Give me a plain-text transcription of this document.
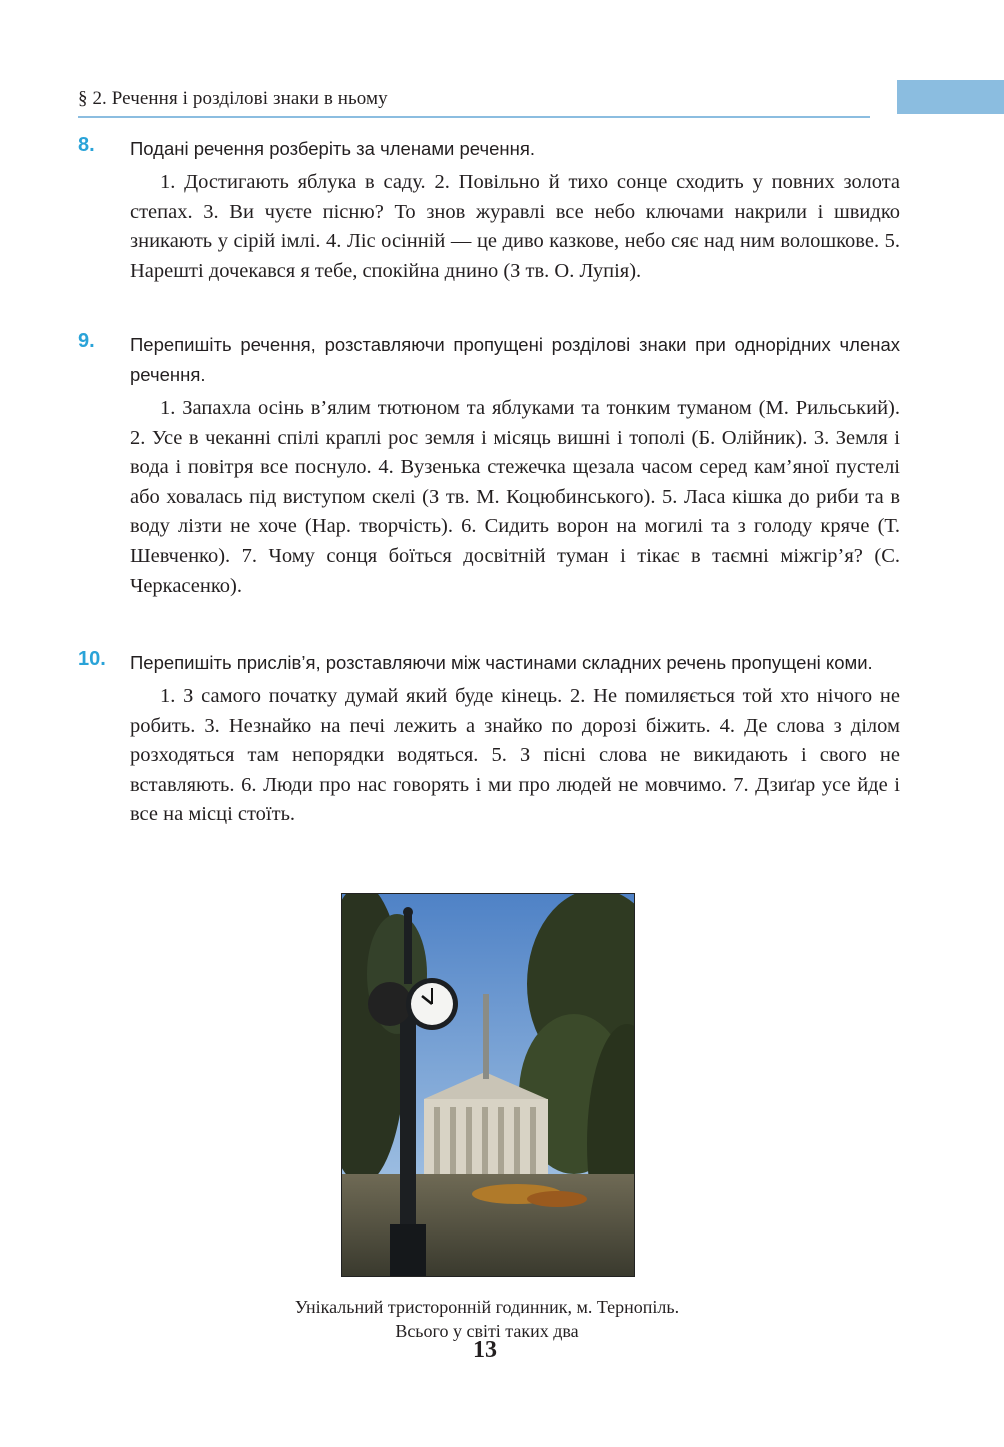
§ 2. Речення і розділові знаки в ньому
8. Подані речення розберіть за членами речення.
1. Достигають яблука в саду. 2. Повільно й тихо сонце сходить у повних золота степах. 3. Ви чуєте пісню? То знов журавлі все небо ключами накрили і швидко зникають у сірій імлі. 4. Ліс осінній — це диво казкове, небо сяє над ним волошкове. 5. Нарешті дочекався я тебе, спокійна днино (З тв. О. Лупія).
9. Перепишіть речення, розставляючи пропущені розділові знаки при однорідних членах речення.
1. Запахла осінь в’ялим тютюном та яблуками та тонким туманом (М. Рильський). 2. Усе в чеканні спілі краплі рос земля і місяць вишні і тополі (Б. Олійник). 3. Земля і вода і повітря все поснуло. 4. Вузенька стежечка щезала часом серед кам’яної пустелі або ховалась під виступом скелі (З тв. М. Коцюбинського). 5. Ласа кішка до риби та в воду лізти не хоче (Нар. творчість). 6. Сидить ворон на могилі та з голоду кряче (Т. Шевченко). 7. Чому сонця боїться досвітній туман і тікає в таємні міжгір’я? (С. Черкасенко).
10. Перепишіть прислів’я, розставляючи між частинами складних речень пропущені коми.
1. З самого початку думай який буде кінець. 2. Не помиляється той хто нічого не робить. 3. Незнайко на печі лежить а знайко по дорозі біжить. 4. Де слова з ділом розходяться там непорядки водяться. 5. З пісні слова не викидають і свого не вставляють. 6. Люди про нас говорять і ми про людей не мовчимо. 7. Дзиґар усе йде і все на місці стоїть.
Унікальний тристоронній годинник, м. Тернопіль.
Всього у світі таких два
13
